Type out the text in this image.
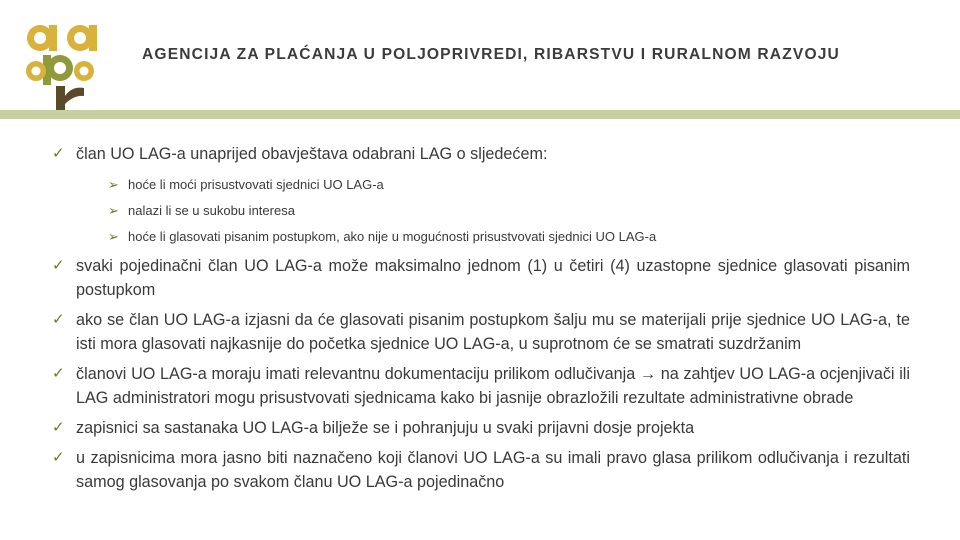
AGENCIJA ZA PLAĆANJA U POLJOPRIVREDI, RIBARSTVU I RURALNOM RAZVOJU
✓ član UO LAG-a unaprijed obavještava odabrani LAG o sljedećem:
➢ hoće li moći prisustvovati sjednici UO LAG-a
➢ nalazi li se u sukobu interesa
➢ hoće li glasovati pisanim postupkom, ako nije u mogućnosti prisustvovati sjednici UO LAG-a
✓ svaki pojedinačni član UO LAG-a može maksimalno jednom (1) u četiri (4) uzastopne sjednice glasovati pisanim postupkom
✓ ako se član UO LAG-a izjasni da će glasovati pisanim postupkom šalju mu se materijali prije sjednice UO LAG-a, te isti mora glasovati najkasnije do početka sjednice UO LAG-a, u suprotnom će se smatrati suzdržanim
✓ članovi UO LAG-a moraju imati relevantnu dokumentaciju prilikom odlučivanja → na zahtjev UO LAG-a ocjenjivači ili LAG administratori mogu prisustvovati sjednicama kako bi jasnije obrazložili rezultate administrativne obrade
✓ zapisnici sa sastanaka UO LAG-a bilježe se i pohranjuju u svaki prijavni dosje projekta
✓ u zapisnicima mora jasno biti naznačeno koji članovi UO LAG-a su imali pravo glasa prilikom odlučivanja i rezultati samog glasovanja po svakom članu UO LAG-a pojedinačno
